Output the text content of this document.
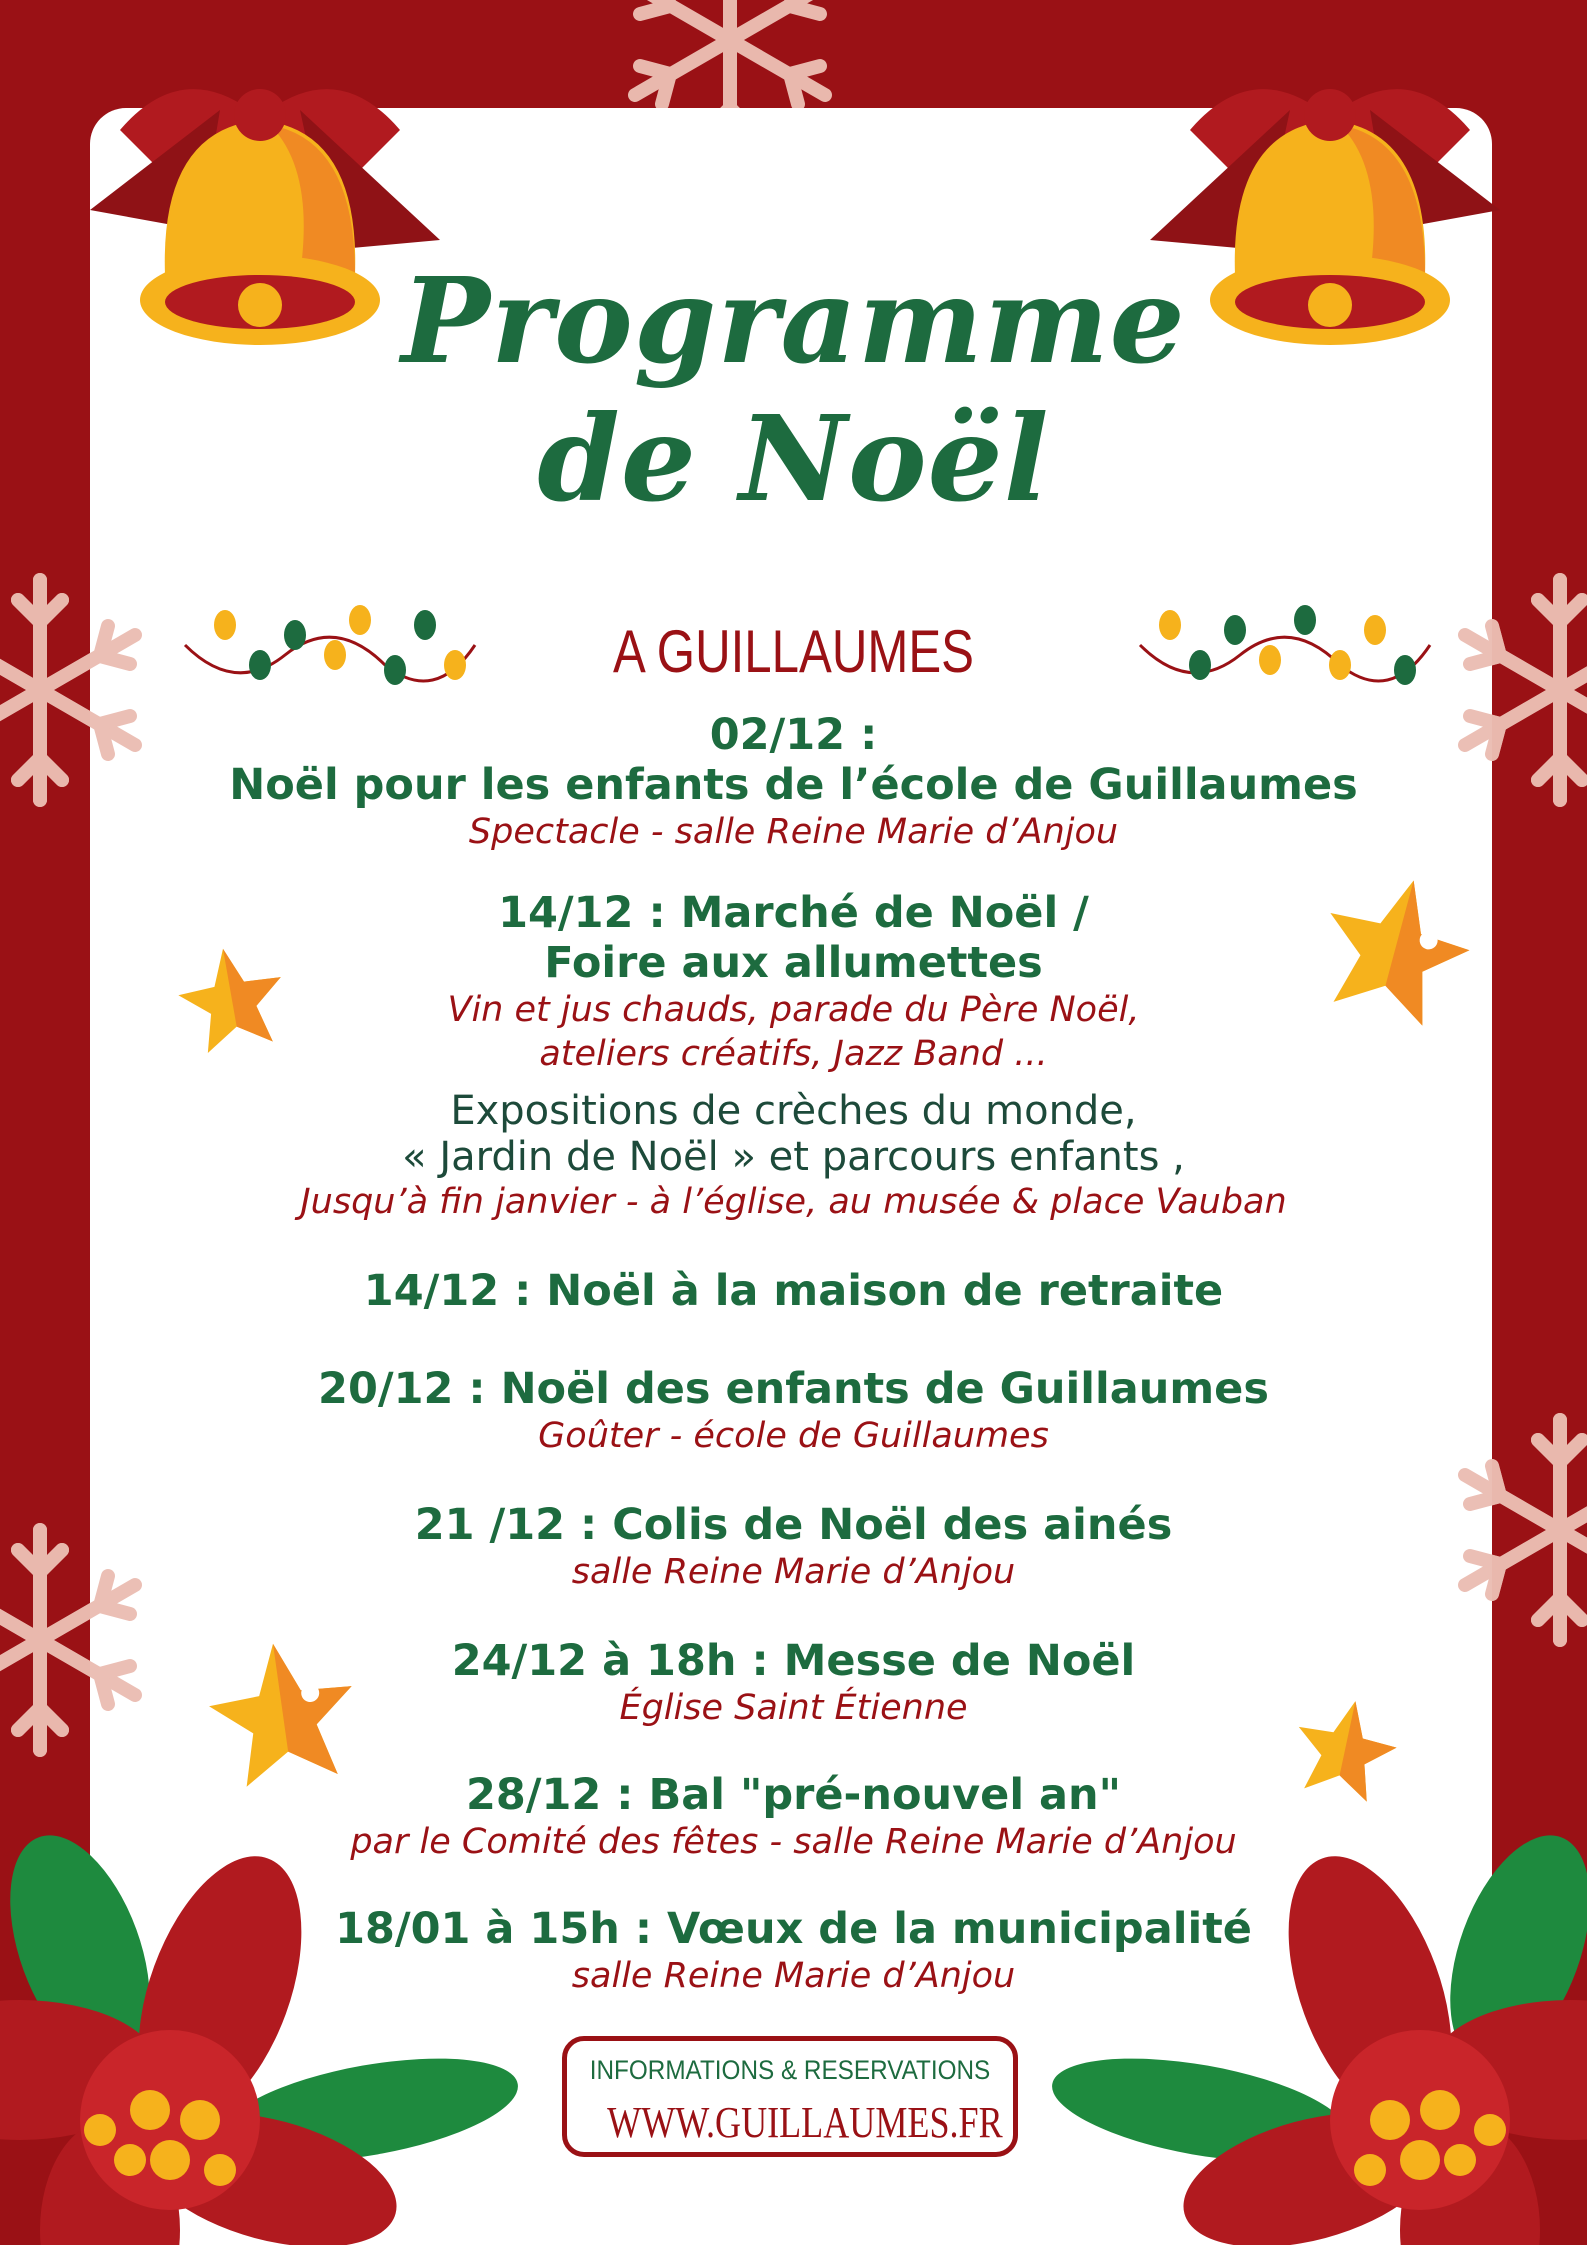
Programme
de Noël
A GUILLAUMES
02/12 :
Noël pour les enfants de l’école de Guillaumes
Spectacle - salle Reine Marie d’Anjou
14/12 : Marché de Noël /
Foire aux allumettes
Vin et jus chauds, parade du Père Noël,
ateliers créatifs, Jazz Band ...
Expositions de crèches du monde,
« Jardin de Noël » et parcours enfants ,
Jusqu’à fin janvier - à l’église, au musée & place Vauban
14/12 : Noël à la maison de retraite
20/12 : Noël des enfants de Guillaumes
Goûter - école de Guillaumes
21 /12 : Colis de Noël des ainés
salle Reine Marie d’Anjou
24/12 à 18h : Messe de Noël
Église Saint Étienne
28/12 : Bal "pré-nouvel an"
par le Comité des fêtes - salle Reine Marie d’Anjou
18/01 à 15h : Vœux de la municipalité
salle Reine Marie d’Anjou
INFORMATIONS & RESERVATIONS
WWW.GUILLAUMES.FR
